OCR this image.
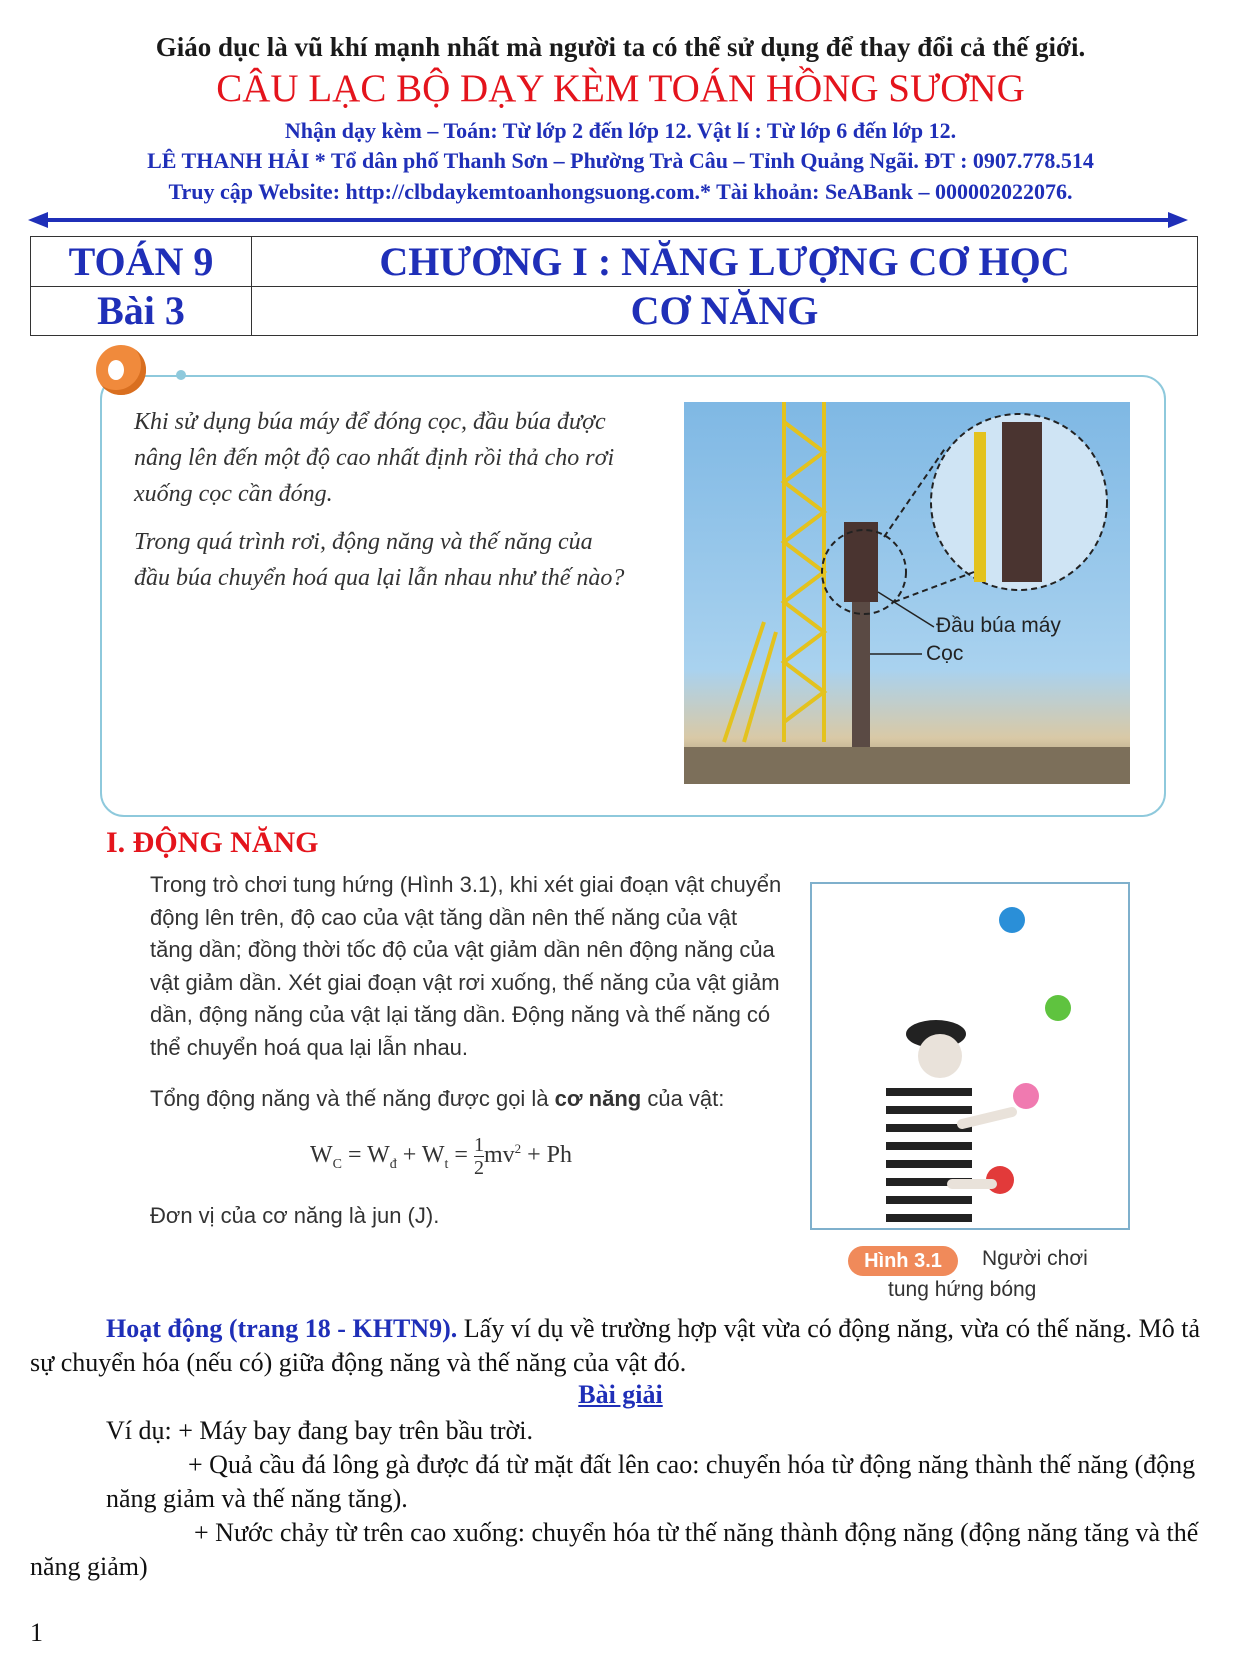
Giáo dục là vũ khí mạnh nhất mà người ta có thể sử dụng để thay đổi cả thế giới.
CÂU LẠC BỘ DẠY KÈM TOÁN HỒNG SƯƠNG
Nhận dạy kèm – Toán: Từ lớp 2 đến lớp 12. Vật lí : Từ lớp 6 đến lớp 12.
LÊ THANH HẢI * Tổ dân phố Thanh Sơn – Phường Trà Câu – Tỉnh Quảng Ngãi. ĐT : 0907.778.514
Truy cập Website: http://clbdaykemtoanhongsuong.com.* Tài khoản: SeABank – 000002022076.
TOÁN 9	CHƯƠNG I : NĂNG LƯỢNG CƠ HỌC
Bài 3	CƠ NĂNG

Khi sử dụng búa máy để đóng cọc, đầu búa được nâng lên đến một độ cao nhất định rồi thả cho rơi xuống cọc cần đóng.

Trong quá trình rơi, động năng và thế năng của đầu búa chuyển hoá qua lại lẫn nhau như thế nào?

Đầu búa máy
Cọc
I. ĐỘNG NĂNG
Trong trò chơi tung hứng (Hình 3.1), khi xét giai đoạn vật chuyển động lên trên, độ cao của vật tăng dần nên thế năng của vật tăng dần; đồng thời tốc độ của vật giảm dần nên động năng của vật giảm dần. Xét giai đoạn vật rơi xuống, thế năng của vật giảm dần, động năng của vật lại tăng dần. Động năng và thế năng có thể chuyển hoá qua lại lẫn nhau.
Tổng động năng và thế năng được gọi là cơ năng của vật:
$W_C = W_đ + W_t = \frac{1}{2} mv^2 + Ph$
Đơn vị của cơ năng là jun (J).
Hình 3.1	Người chơi
tung hứng bóng
Hoạt động (trang 18 - KHTN9). Lấy ví dụ về trường hợp vật vừa có động năng, vừa có thế năng. Mô tả sự chuyển hóa (nếu có) giữa động năng và thế năng của vật đó.
Bài giải
Ví dụ: + Máy bay đang bay trên bầu trời.
+ Quả cầu đá lông gà được đá từ mặt đất lên cao: chuyển hóa từ động năng thành thế năng (động năng giảm và thế năng tăng).
+ Nước chảy từ trên cao xuống: chuyển hóa từ thế năng thành động năng (động năng tăng và thế năng giảm)
1
